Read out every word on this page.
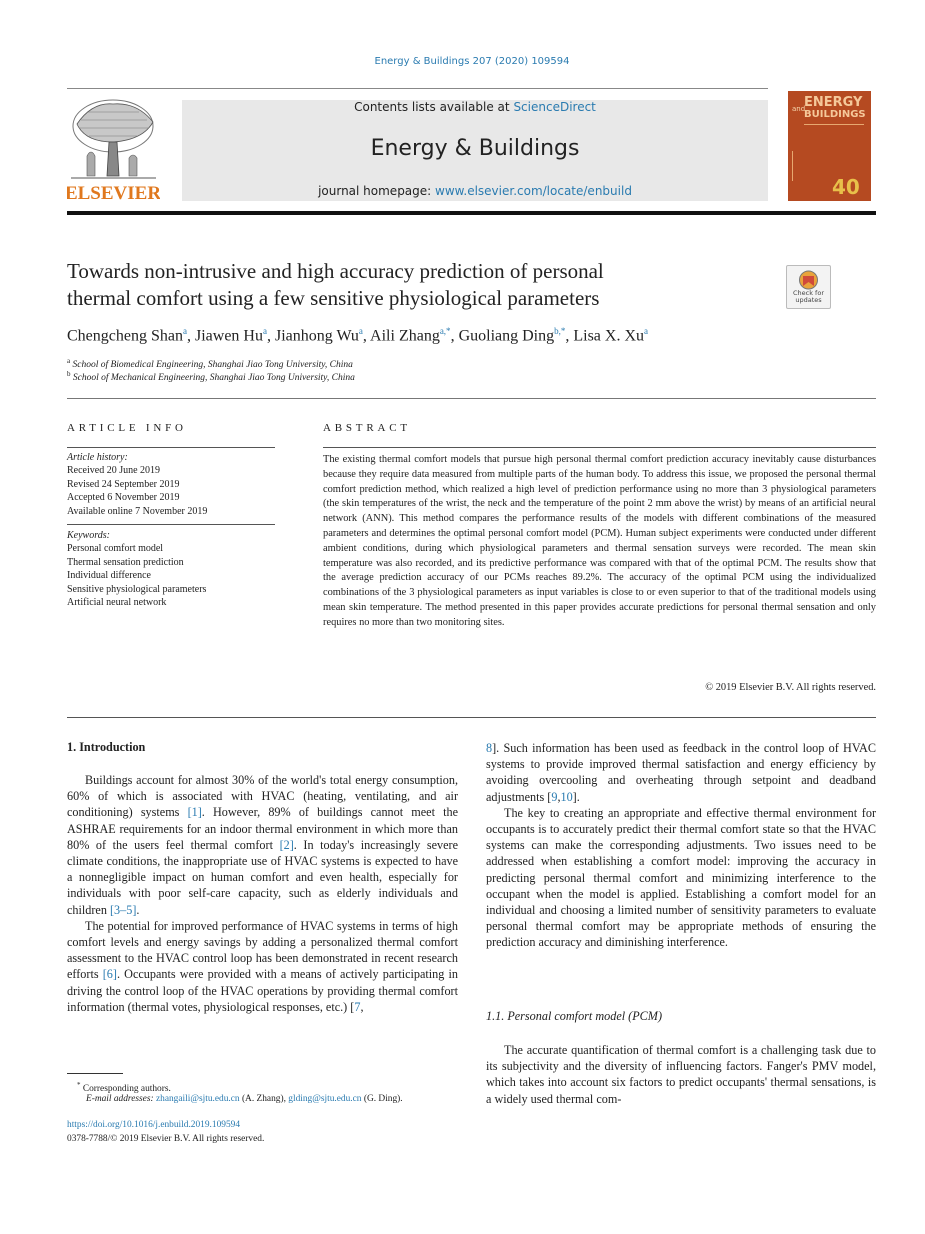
Energy & Buildings 207 (2020) 109594
ELSEVIER
Contents lists available at ScienceDirect
Energy & Buildings
journal homepage: www.elsevier.com/locate/enbuild
and
ENERGY
BUILDINGS
40
Towards non-intrusive and high accuracy prediction of personal
thermal comfort using a few sensitive physiological parameters	Check for
updates
Chengcheng Shan$^a$, Jiawen Hu$^a$, Jianhong Wu$^a$, Aili Zhang$^{a,*}$, Guoliang Ding$^{b,*}$, Lisa X. Xu$^a$
$^a$ School of Biomedical Engineering, Shanghai Jiao Tong University, China
$^b$ School of Mechanical Engineering, Shanghai Jiao Tong University, China
ARTICLE INFO
Article history:
Received 20 June 2019
Revised 24 September 2019
Accepted 6 November 2019
Available online 7 November 2019
Keywords:
Personal comfort model
Thermal sensation prediction
Individual difference
Sensitive physiological parameters
Artificial neural network
ABSTRACT
The existing thermal comfort models that pursue high personal thermal comfort prediction accuracy inevitably cause disturbances because they require data measured from multiple parts of the human body. To address this issue, we proposed the personal thermal comfort prediction method, which realized a high level of prediction performance using no more than 3 physiological parameters (the skin temperatures of the wrist, the neck and the temperature of the point 2 mm above the wrist) by means of an artificial neural network (ANN). This method compares the performance results of the models with different combinations of the measured parameters and determines the optimal personal comfort model (PCM). Human subject experiments were conducted under different ambient conditions, during which physiological parameters and thermal sensation surveys were recorded. The mean skin temperature was also recorded, and its predictive performance was compared with that of the optimal PCM. The results show that the average prediction accuracy of our PCMs reaches 89.2%. The accuracy of the optimal PCM using the individualized combinations of the 3 physiological parameters as input variables is close to or even superior to that of the traditional models using mean skin temperature. The method presented in this paper provides accurate predictions for personal thermal sensation and only requires no more than two monitoring sites.
© 2019 Elsevier B.V. All rights reserved.
1. Introduction

Buildings account for almost 30% of the world's total energy consumption, 60% of which is associated with HVAC (heating, ventilating, and air conditioning) systems [1]. However, 89% of buildings cannot meet the ASHRAE requirements for an indoor thermal environment in which more than 80% of the users feel thermal comfort [2]. In today's increasingly severe climate conditions, the inappropriate use of HVAC systems is expected to have a nonnegligible impact on human comfort and even health, especially for individuals with poor self-care capacity, such as elderly individuals and children [3–5].

The potential for improved performance of HVAC systems in terms of high comfort levels and energy savings by adding a personalized thermal comfort assessment to the HVAC control loop has been demonstrated in recent research efforts [6]. Occupants were provided with a means of actively participating in driving the control loop of the HVAC operations by providing thermal comfort information (thermal votes, physiological responses, etc.) [7,

8]. Such information has been used as feedback in the control loop of HVAC systems to provide improved thermal satisfaction and energy efficiency by avoiding overcooling and overheating through setpoint and deadband adjustments [9,10].

The key to creating an appropriate and effective thermal environment for occupants is to accurately predict their thermal comfort state so that the HVAC systems can make the corresponding adjustments. Two issues need to be addressed when establishing a comfort model: improving the accuracy in predicting personal thermal comfort and minimizing interference to the occupant when the model is applied. Establishing a comfort model for an individual and choosing a limited number of sensitivity parameters to evaluate personal thermal comfort may be appropriate methods of ensuring the prediction accuracy and diminishing interference.

1.1. Personal comfort model (PCM)

The accurate quantification of thermal comfort is a challenging task due to its subjectivity and the diversity of influencing factors. Fanger's PMV model, which takes into account six factors to predict occupants' thermal sensations, is a widely used thermal com-

* Corresponding authors.
E-mail addresses: zhangaili@sjtu.edu.cn (A. Zhang), glding@sjtu.edu.cn (G. Ding).
https://doi.org/10.1016/j.enbuild.2019.109594
0378-7788/© 2019 Elsevier B.V. All rights reserved.
